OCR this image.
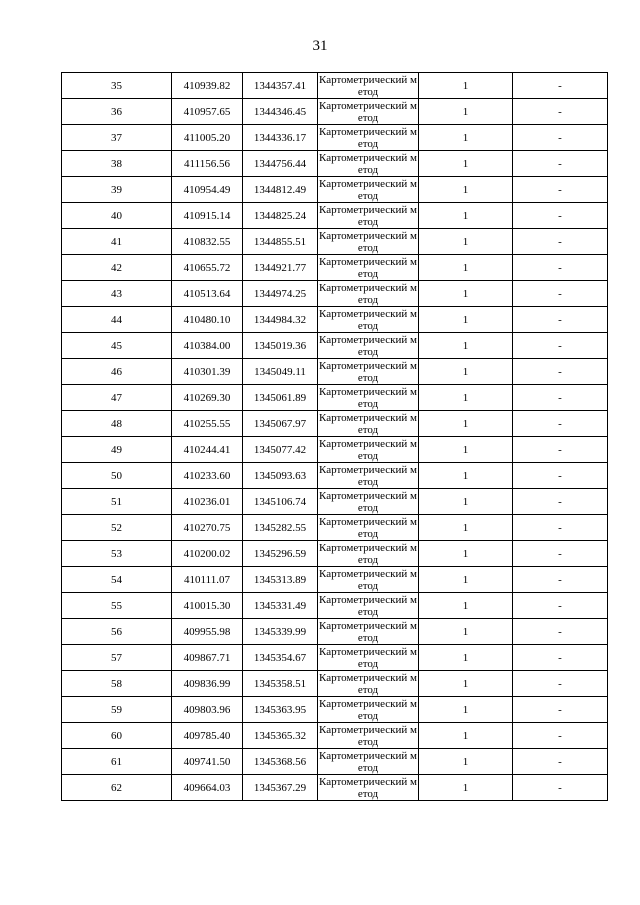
31
35	410939.82	1344357.41	Картометрический метод	1	-
36	410957.65	1344346.45	Картометрический метод	1	-
37	411005.20	1344336.17	Картометрический метод	1	-
38	411156.56	1344756.44	Картометрический метод	1	-
39	410954.49	1344812.49	Картометрический метод	1	-
40	410915.14	1344825.24	Картометрический метод	1	-
41	410832.55	1344855.51	Картометрический метод	1	-
42	410655.72	1344921.77	Картометрический метод	1	-
43	410513.64	1344974.25	Картометрический метод	1	-
44	410480.10	1344984.32	Картометрический метод	1	-
45	410384.00	1345019.36	Картометрический метод	1	-
46	410301.39	1345049.11	Картометрический метод	1	-
47	410269.30	1345061.89	Картометрический метод	1	-
48	410255.55	1345067.97	Картометрический метод	1	-
49	410244.41	1345077.42	Картометрический метод	1	-
50	410233.60	1345093.63	Картометрический метод	1	-
51	410236.01	1345106.74	Картометрический метод	1	-
52	410270.75	1345282.55	Картометрический метод	1	-
53	410200.02	1345296.59	Картометрический метод	1	-
54	410111.07	1345313.89	Картометрический метод	1	-
55	410015.30	1345331.49	Картометрический метод	1	-
56	409955.98	1345339.99	Картометрический метод	1	-
57	409867.71	1345354.67	Картометрический метод	1	-
58	409836.99	1345358.51	Картометрический метод	1	-
59	409803.96	1345363.95	Картометрический метод	1	-
60	409785.40	1345365.32	Картометрический метод	1	-
61	409741.50	1345368.56	Картометрический метод	1	-
62	409664.03	1345367.29	Картометрический метод	1	-
